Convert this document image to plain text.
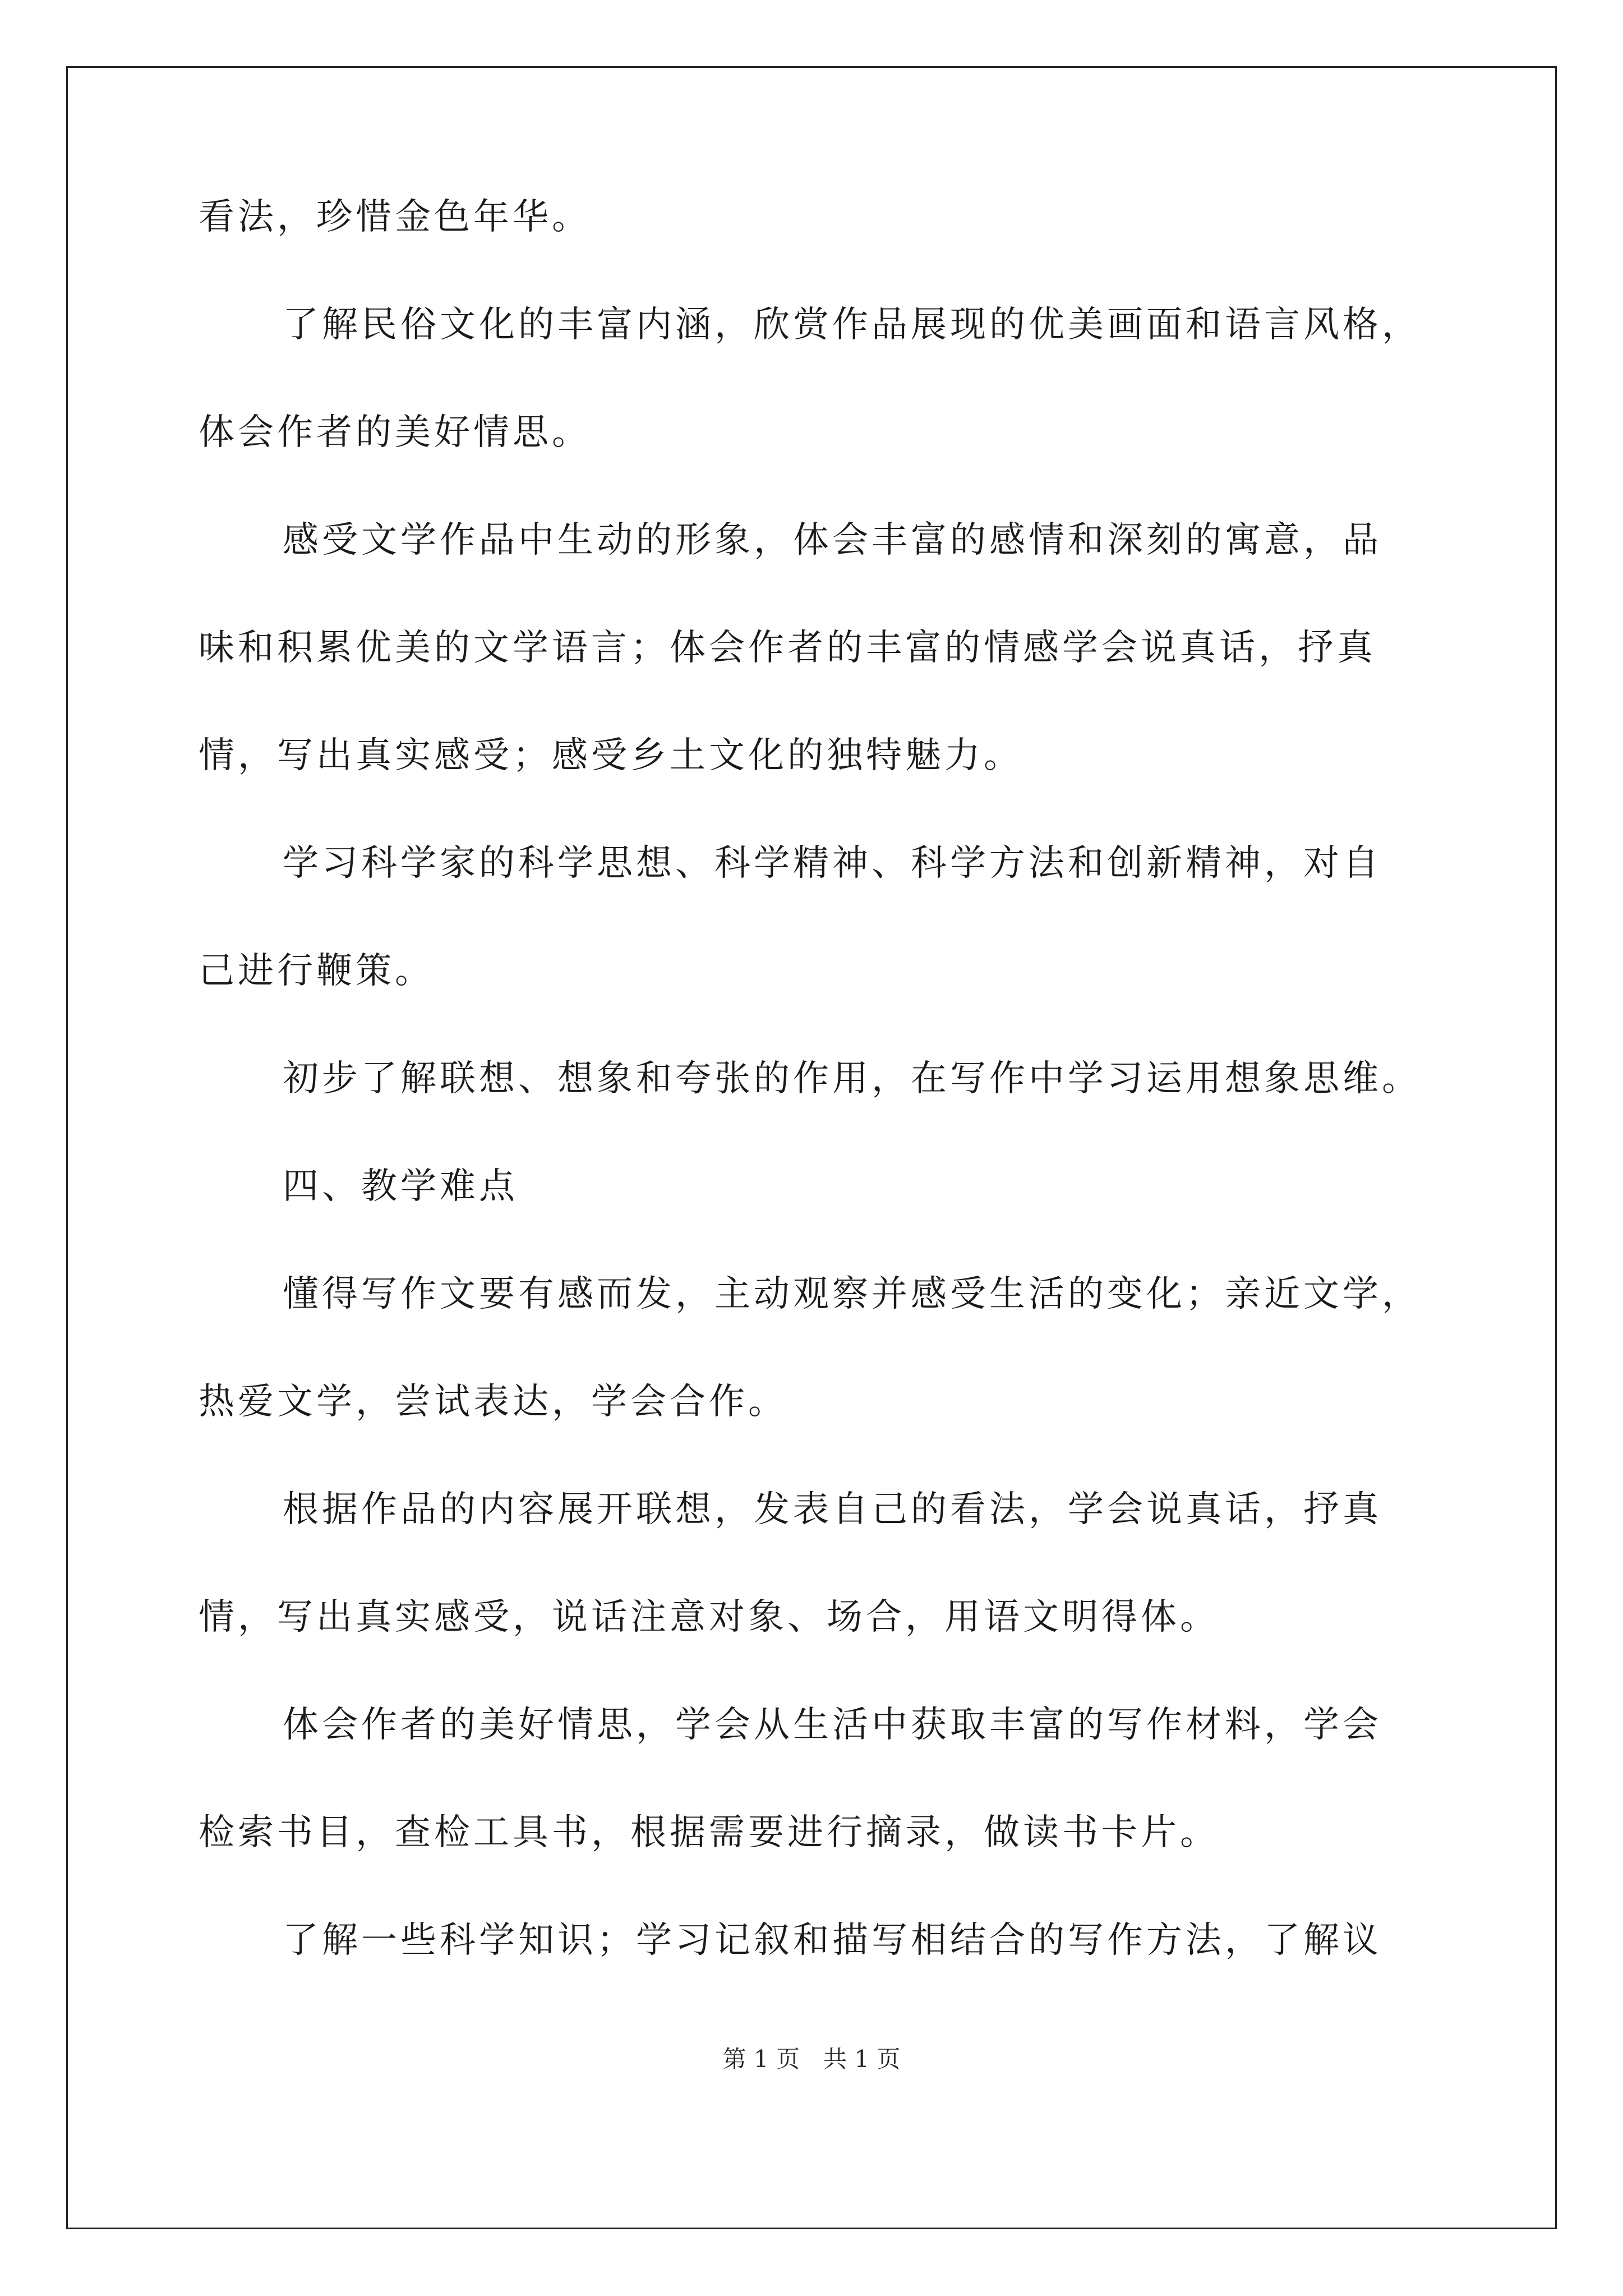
看法，珍惜金色年华。
了解民俗文化的丰富内涵，欣赏作品展现的优美画面和语言风格，
体会作者的美好情思。
感受文学作品中生动的形象，体会丰富的感情和深刻的寓意，品
味和积累优美的文学语言；体会作者的丰富的情感学会说真话，抒真
情，写出真实感受；感受乡土文化的独特魅力。
学习科学家的科学思想、科学精神、科学方法和创新精神，对自
己进行鞭策。
初步了解联想、想象和夸张的作用，在写作中学习运用想象思维。
四、教学难点
懂得写作文要有感而发，主动观察并感受生活的变化；亲近文学，
热爱文学，尝试表达，学会合作。
根据作品的内容展开联想，发表自己的看法，学会说真话，抒真
情，写出真实感受，说话注意对象、场合，用语文明得体。
体会作者的美好情思，学会从生活中获取丰富的写作材料，学会
检索书目，查检工具书，根据需要进行摘录，做读书卡片。
了解一些科学知识；学习记叙和描写相结合的写作方法，了解议
第 1 页　共 1 页
